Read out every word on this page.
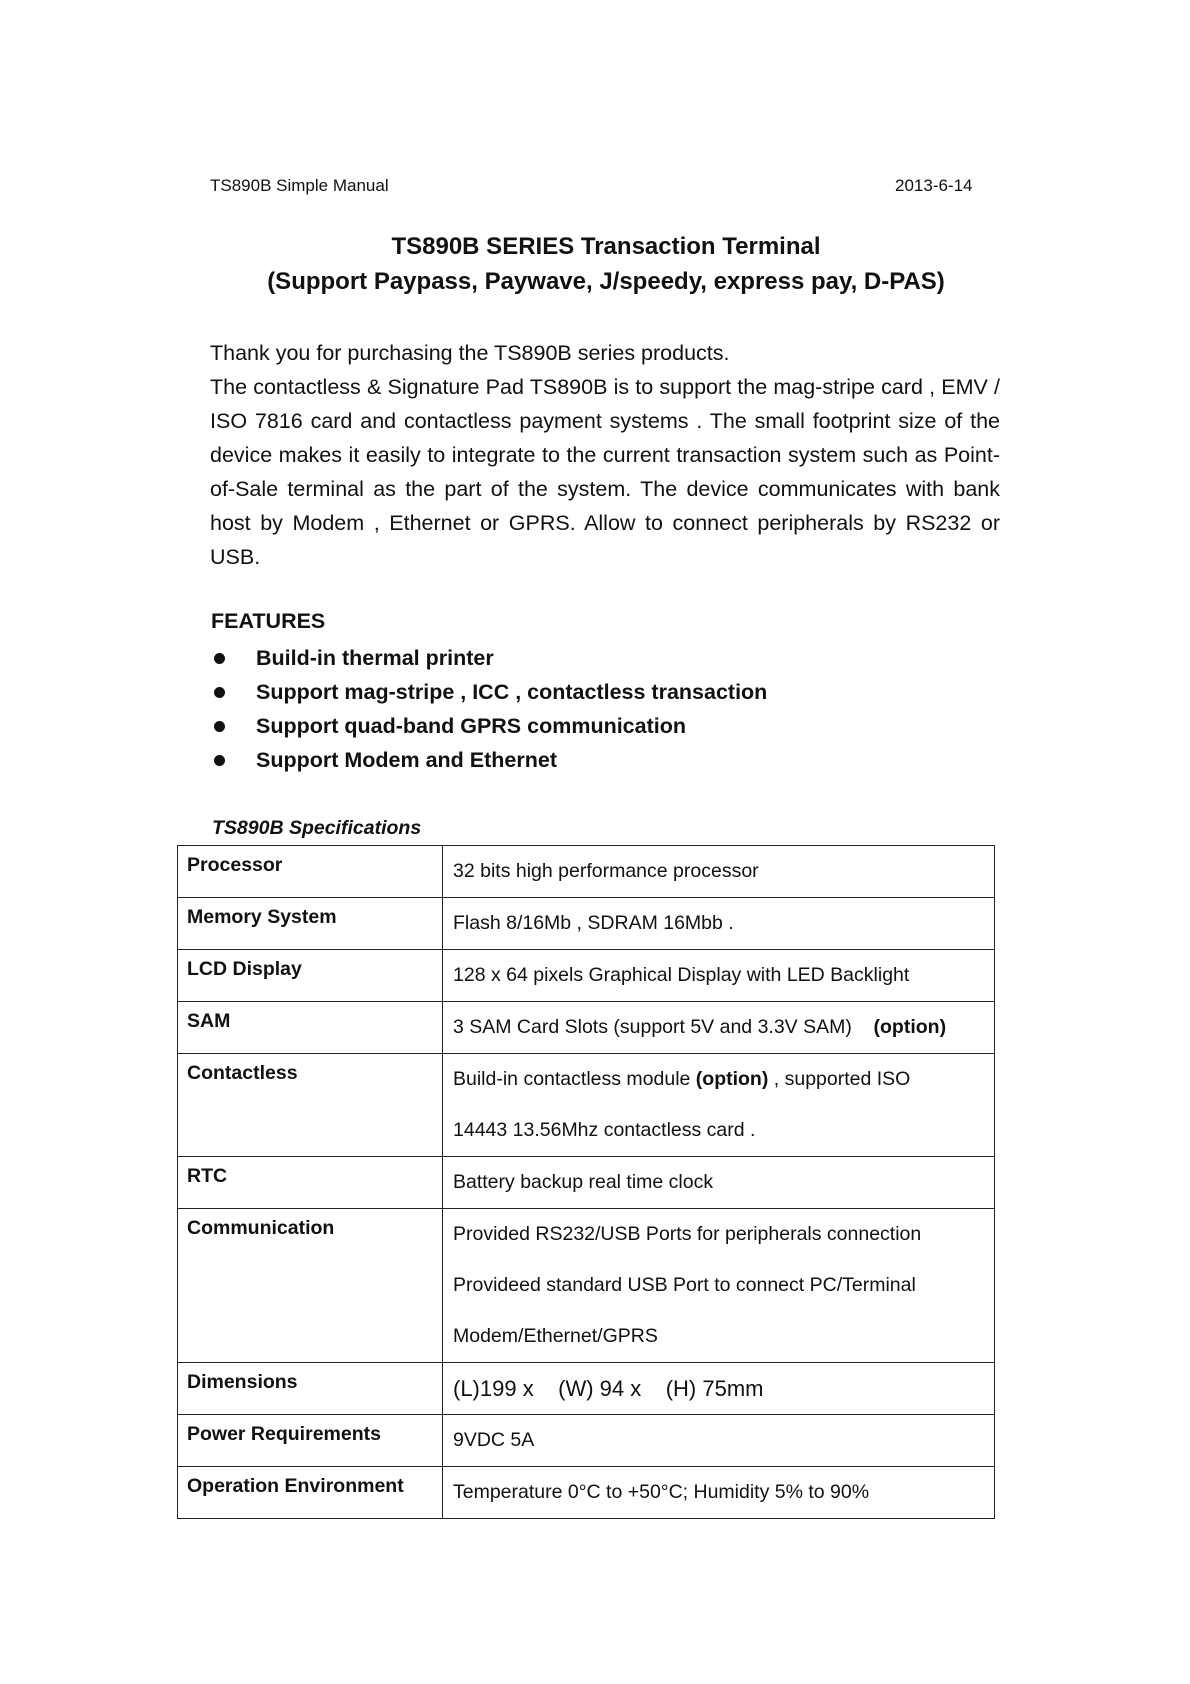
TS890B Simple Manual	2013-6-14
TS890B SERIES Transaction Terminal
(Support Paypass, Paywave, J/speedy, express pay, D-PAS)

Thank you for purchasing the TS890B series products.

The contactless & Signature Pad TS890B is to support the mag-stripe card , EMV / ISO 7816 card and contactless payment systems . The small footprint size of the device makes it easily to integrate to the current transaction system such as Point-of-Sale terminal as the part of the system. The device communicates with bank host by Modem , Ethernet or GPRS. Allow to connect peripherals by RS232 or USB.

FEATURES
Build-in thermal printer
Support mag-stripe , ICC , contactless transaction
Support quad-band GPRS communication
Support Modem and Ethernet
TS890B Specifications
Processor	32 bits high performance processor

Memory System	Flash 8/16Mb , SDRAM 16Mbb .

LCD Display	128 x 64 pixels Graphical Display with LED Backlight

SAM	3 SAM Card Slots (support 5V and 3.3V SAM) (option)

Contactless	Build-in contactless module (option) , supported ISO
14443 13.56Mhz contactless card .

RTC	Battery backup real time clock

Communication	Provided RS232/USB Ports for peripherals connection
Provideed standard USB Port to connect PC/Terminal
Modem/Ethernet/GPRS

Dimensions	(L)199 x    (W) 94 x    (H) 75mm

Power Requirements	9VDC 5A

Operation Environment	Temperature 0°C to +50°C; Humidity 5% to 90%
